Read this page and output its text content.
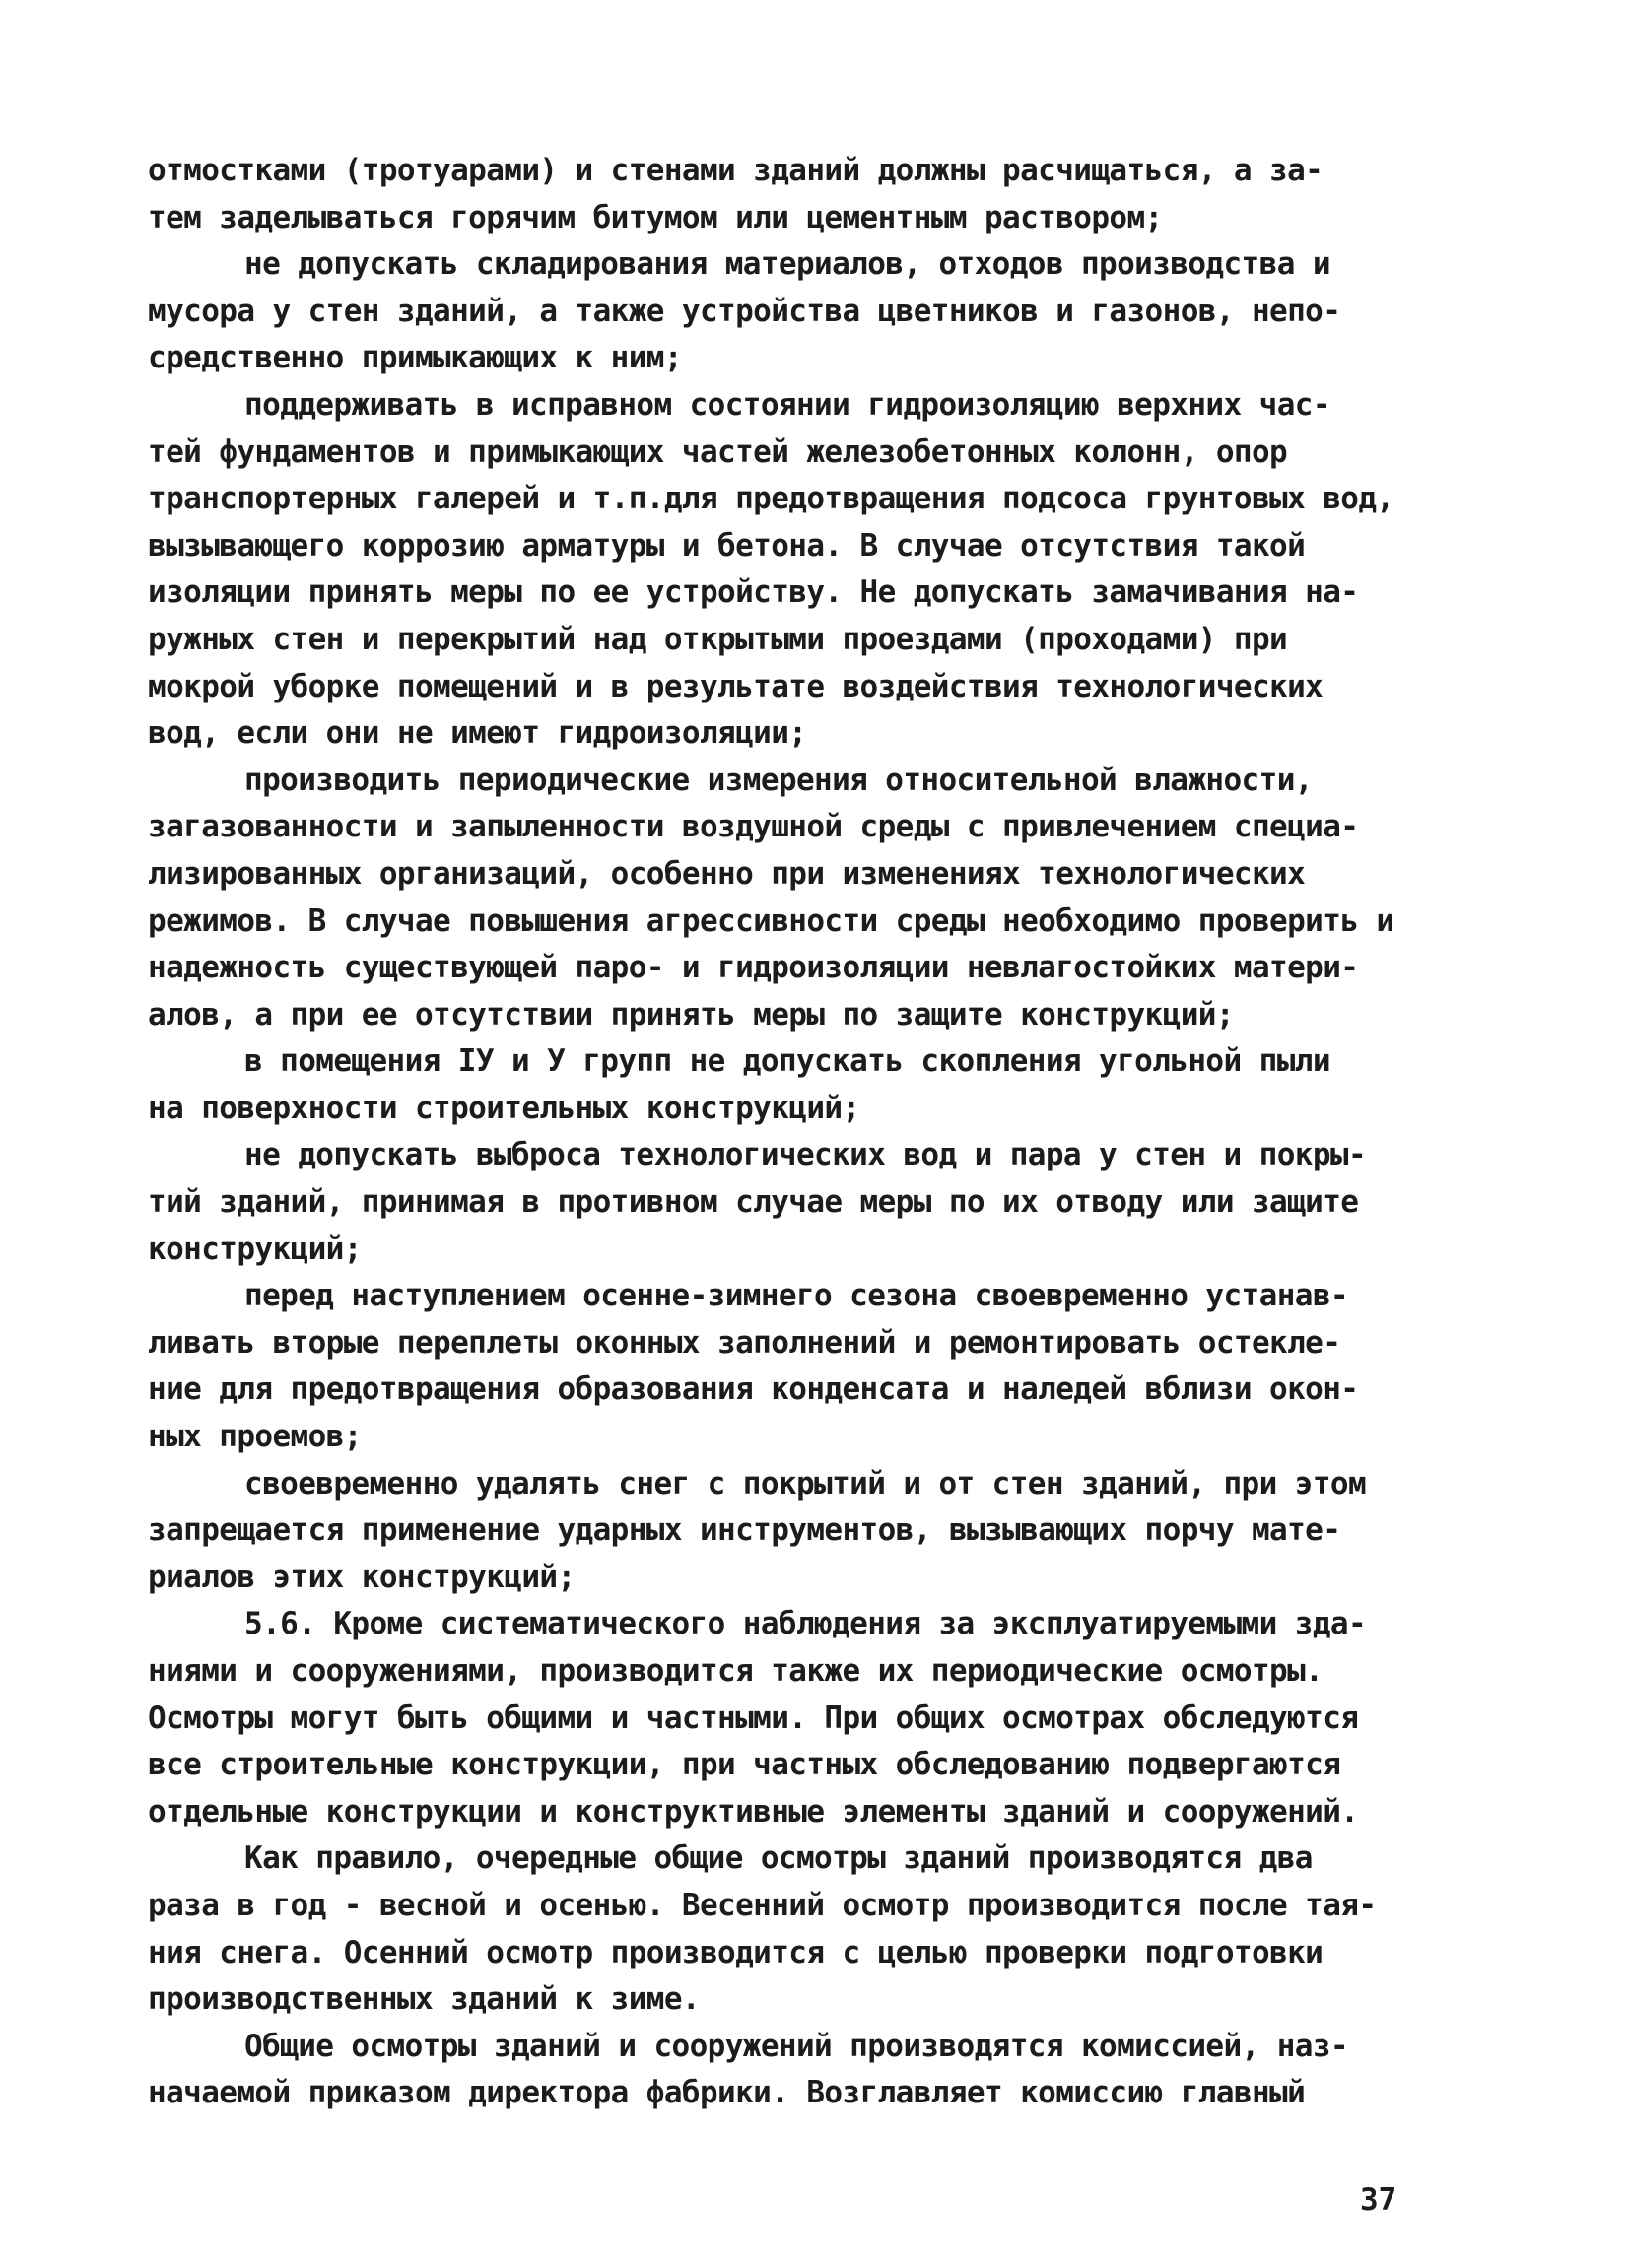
отмостками (тротуарами) и стенами зданий должны расчищаться, а за-
тем заделываться горячим битумом или цементным раствором;
не допускать складирования материалов, отходов производства и
мусора у стен зданий, а также устройства цветников и газонов, непо-
средственно примыкающих к ним;
поддерживать в исправном состоянии гидроизоляцию верхних час-
тей фундаментов и примыкающих частей железобетонных колонн, опор
транспортерных галерей и т.п.для предотвращения подсоса грунтовых вод,
вызывающего коррозию арматуры и бетона. В случае отсутствия такой
изоляции принять меры по ее устройству. Не допускать замачивания на-
ружных стен и перекрытий над открытыми проездами (проходами) при
мокрой уборке помещений и в результате воздействия технологических
вод, если они не имеют гидроизоляции;
производить периодические измерения относительной влажности,
загазованности и запыленности воздушной среды с привлечением специа-
лизированных организаций, особенно при изменениях технологических
режимов. В случае повышения агрессивности среды необходимо проверить и
надежность существующей паро- и гидроизоляции невлагостойких матери-
алов, а при ее отсутствии принять меры по защите конструкций;
в помещения IУ и У групп не допускать скопления угольной пыли
на поверхности строительных конструкций;
не допускать выброса технологических вод и пара у стен и покры-
тий зданий, принимая в противном случае меры по их отводу или защите
конструкций;
перед наступлением осенне-зимнего сезона своевременно устанав-
ливать вторые переплеты оконных заполнений и ремонтировать остекле-
ние для предотвращения образования конденсата и наледей вблизи окон-
ных проемов;
своевременно удалять снег с покрытий и от стен зданий, при этом
запрещается применение ударных инструментов, вызывающих порчу мате-
риалов этих конструкций;
5.6. Кроме систематического наблюдения за эксплуатируемыми зда-
ниями и сооружениями, производится также их периодические осмотры.
Осмотры могут быть общими и частными. При общих осмотрах обследуются
все строительные конструкции, при частных обследованию подвергаются
отдельные конструкции и конструктивные элементы зданий и сооружений.
Как правило, очередные общие осмотры зданий производятся два
раза в год - весной и осенью. Весенний осмотр производится после тая-
ния снега. Осенний осмотр производится с целью проверки подготовки
производственных зданий к зиме.
Общие осмотры зданий и сооружений производятся комиссией, наз-
начаемой приказом директора фабрики. Возглавляет комиссию главный
37
